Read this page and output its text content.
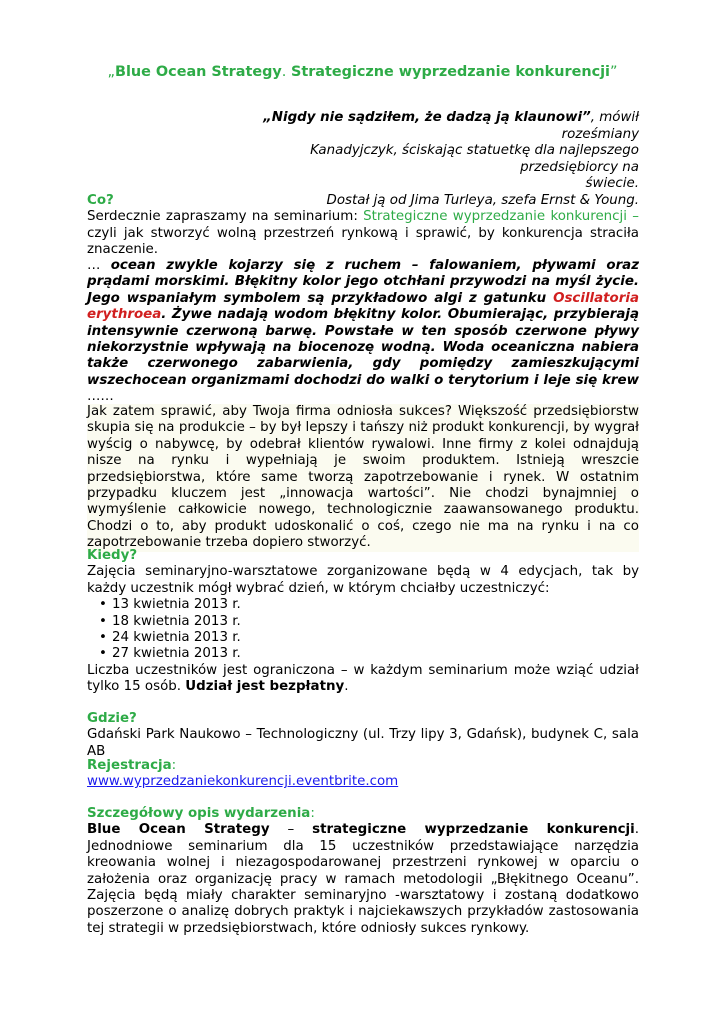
„Blue Ocean Strategy. Strategiczne wyprzedzanie konkurencji”
„Nigdy nie sądziłem, że dadzą ją klaunowi”, mówił roześmiany
Kanadyjczyk, ściskając statuetkę dla najlepszego przedsiębiorcy na
świecie.
Dostał ją od Jima Turleya, szefa Ernst & Young.
Co?
Serdecznie zapraszamy na seminarium: Strategiczne wyprzedzanie konkurencji – czyli jak stworzyć wolną przestrzeń rynkową i sprawić, by konkurencja straciła znaczenie.
… ocean zwykle kojarzy się z ruchem – falowaniem, pływami oraz prądami morskimi. Błękitny kolor jego otchłani przywodzi na myśl życie. Jego wspaniałym symbolem są przykładowo algi z gatunku Oscillatoria erythroea. Żywe nadają wodom błękitny kolor. Obumierając, przybierają intensywnie czerwoną barwę. Powstałe w ten sposób czerwone pływy niekorzystnie wpływają na biocenozę wodną. Woda oceaniczna nabiera także czerwonego zabarwienia, gdy pomiędzy zamieszkującymi wszechocean organizmami dochodzi do walki o terytorium i leje się krew ……
Jak zatem sprawić, aby Twoja firma odniosła sukces? Większość przedsiębiorstw skupia się na produkcie – by był lepszy i tańszy niż produkt konkurencji, by wygrał wyścig o nabywcę, by odebrał klientów rywalowi. Inne firmy z kolei odnajdują nisze na rynku i wypełniają je swoim produktem. Istnieją wreszcie przedsiębiorstwa, które same tworzą zapotrzebowanie i rynek. W ostatnim przypadku kluczem jest „innowacja wartości”. Nie chodzi bynajmniej o wymyślenie całkowicie nowego, technologicznie zaawansowanego produktu. Chodzi o to, aby produkt udoskonalić o coś, czego nie ma na rynku i na co zapotrzebowanie trzeba dopiero stworzyć.
Kiedy?
Zajęcia seminaryjno-warsztatowe zorganizowane będą w 4 edycjach, tak by każdy uczestnik mógł wybrać dzień, w którym chciałby uczestniczyć:
• 13 kwietnia 2013 r.
• 18 kwietnia 2013 r.
• 24 kwietnia 2013 r.
• 27 kwietnia 2013 r.
Liczba uczestników jest ograniczona – w każdym seminarium może wziąć udział tylko 15 osób. Udział jest bezpłatny.
Gdzie?
Gdański Park Naukowo – Technologiczny (ul. Trzy lipy 3, Gdańsk), budynek C, sala AB
Rejestracja:
www.wyprzedzaniekonkurencji.eventbrite.com
Szczegółowy opis wydarzenia:
Blue Ocean Strategy – strategiczne wyprzedzanie konkurencji. Jednodniowe seminarium dla 15 uczestników przedstawiające narzędzia kreowania wolnej i niezagospodarowanej przestrzeni rynkowej w oparciu o założenia oraz organizację pracy w ramach metodologii „Błękitnego Oceanu”. Zajęcia będą miały charakter seminaryjno -warsztatowy i zostaną dodatkowo poszerzone o analizę dobrych praktyk i najciekawszych przykładów zastosowania tej strategii w przedsiębiorstwach, które odniosły sukces rynkowy.
